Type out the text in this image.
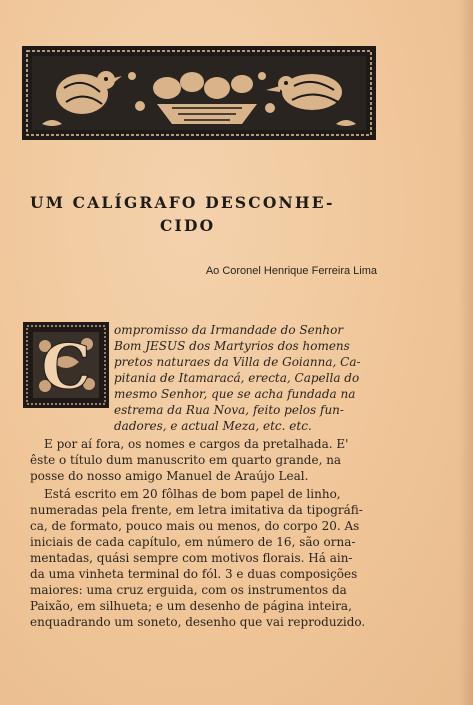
UM CALÍGRAFO DESCONHE-
CIDO
Ao Coronel Henrique Ferreira Lima
C ompromisso da Irmandade do Senhor
Bom JESUS dos Martyrios dos homens
pretos naturaes da Villa de Goianna, Ca-
pitania de Itamaracá, erecta, Capella do
mesmo Senhor, que se acha fundada na
estrema da Rua Nova, feito pelos fun-
dadores, e actual Meza, etc. etc.
E por aí fora, os nomes e cargos da pretalhada. E'
êste o título dum manuscrito em quarto grande, na
posse do nosso amigo Manuel de Araújo Leal.
Está escrito em 20 fôlhas de bom papel de linho,
numeradas pela frente, em letra imitativa da tipográfi-
ca, de formato, pouco mais ou menos, do corpo 20. As
iniciais de cada capítulo, em número de 16, são orna-
mentadas, quási sempre com motivos florais. Há ain-
da uma vinheta terminal do fól. 3 e duas composições
maiores: uma cruz erguida, com os instrumentos da
Paixão, em silhueta; e um desenho de página inteira,
enquadrando um soneto, desenho que vai reproduzido.
